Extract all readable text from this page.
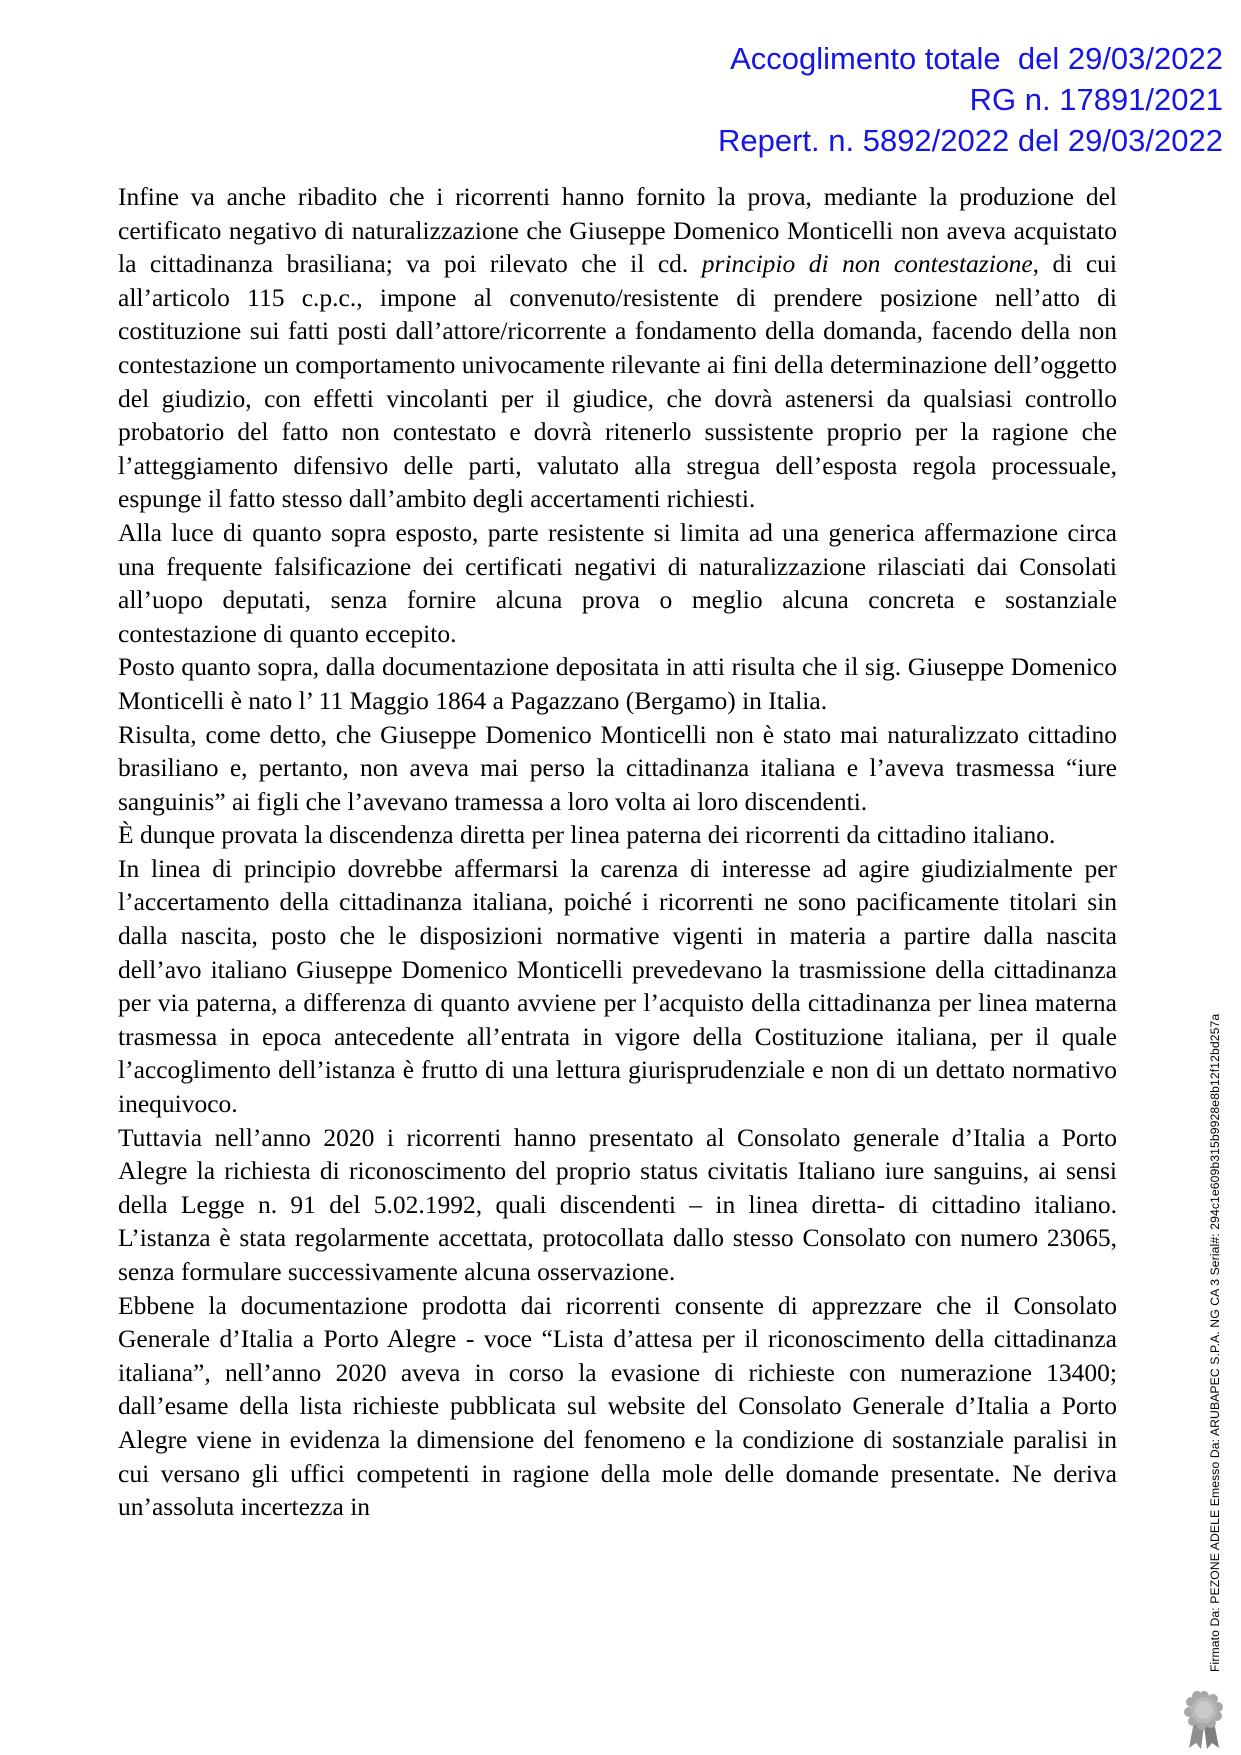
Accoglimento totale  del 29/03/2022
RG n. 17891/2021
Repert. n. 5892/2022 del 29/03/2022

Infine va anche ribadito che i ricorrenti hanno fornito la prova, mediante la produzione del certificato negativo di naturalizzazione che Giuseppe Domenico Monticelli non aveva acquistato la cittadinanza brasiliana; va poi rilevato che il cd. principio di non contestazione, di cui all’articolo 115 c.p.c., impone al convenuto/resistente di prendere posizione nell’atto di costituzione sui fatti posti dall’attore/ricorrente a fondamento della domanda, facendo della non contestazione un comportamento univocamente rilevante ai fini della determinazione dell’oggetto del giudizio, con effetti vincolanti per il giudice, che dovrà astenersi da qualsiasi controllo probatorio del fatto non contestato e dovrà ritenerlo sussistente proprio per la ragione che l’atteggiamento difensivo delle parti, valutato alla stregua dell’esposta regola processuale, espunge il fatto stesso dall’ambito degli accertamenti richiesti.

Alla luce di quanto sopra esposto, parte resistente si limita ad una generica affermazione circa una frequente falsificazione dei certificati negativi di naturalizzazione rilasciati dai Consolati all’uopo deputati, senza fornire alcuna prova o meglio alcuna concreta e sostanziale contestazione di quanto eccepito.

Posto quanto sopra, dalla documentazione depositata in atti risulta che il sig. Giuseppe Domenico Monticelli è nato l’ 11 Maggio 1864 a Pagazzano (Bergamo) in Italia.

Risulta, come detto, che Giuseppe Domenico Monticelli non è stato mai naturalizzato cittadino brasiliano e, pertanto, non aveva mai perso la cittadinanza italiana e l’aveva trasmessa “iure sanguinis” ai figli che l’avevano tramessa a loro volta ai loro discendenti.

È dunque provata la discendenza diretta per linea paterna dei ricorrenti da cittadino italiano.

In linea di principio dovrebbe affermarsi la carenza di interesse ad agire giudizialmente per l’accertamento della cittadinanza italiana, poiché i ricorrenti ne sono pacificamente titolari sin dalla nascita, posto che le disposizioni normative vigenti in materia a partire dalla nascita dell’avo italiano Giuseppe Domenico Monticelli prevedevano la trasmissione della cittadinanza per via paterna, a differenza di quanto avviene per l’acquisto della cittadinanza per linea materna trasmessa in epoca antecedente all’entrata in vigore della Costituzione italiana, per il quale l’accoglimento dell’istanza è frutto di una lettura giurisprudenziale e non di un dettato normativo inequivoco.

Tuttavia nell’anno 2020 i ricorrenti hanno presentato al Consolato generale d’Italia a Porto Alegre la richiesta di riconoscimento del proprio status civitatis Italiano iure sanguins, ai sensi della Legge n. 91 del 5.02.1992, quali discendenti – in linea diretta- di cittadino italiano. L’istanza è stata regolarmente accettata, protocollata dallo stesso Consolato con numero 23065, senza formulare successivamente alcuna osservazione.

Ebbene la documentazione prodotta dai ricorrenti consente di apprezzare che il Consolato Generale d’Italia a Porto Alegre - voce “Lista d’attesa per il riconoscimento della cittadinanza italiana”, nell’anno 2020 aveva in corso la evasione di richieste con numerazione 13400; dall’esame della lista richieste pubblicata sul website del Consolato Generale d’Italia a Porto Alegre viene in evidenza la dimensione del fenomeno e la condizione di sostanziale paralisi in cui versano gli uffici competenti in ragione della mole delle domande presentate. Ne deriva un’assoluta incertezza in	Firmato Da: PEZONE ADELE Emesso Da: ARUBAPEC S.P.A. NG CA 3 Serial#: 294c1e609b315b9928e8b12f12bd257a
